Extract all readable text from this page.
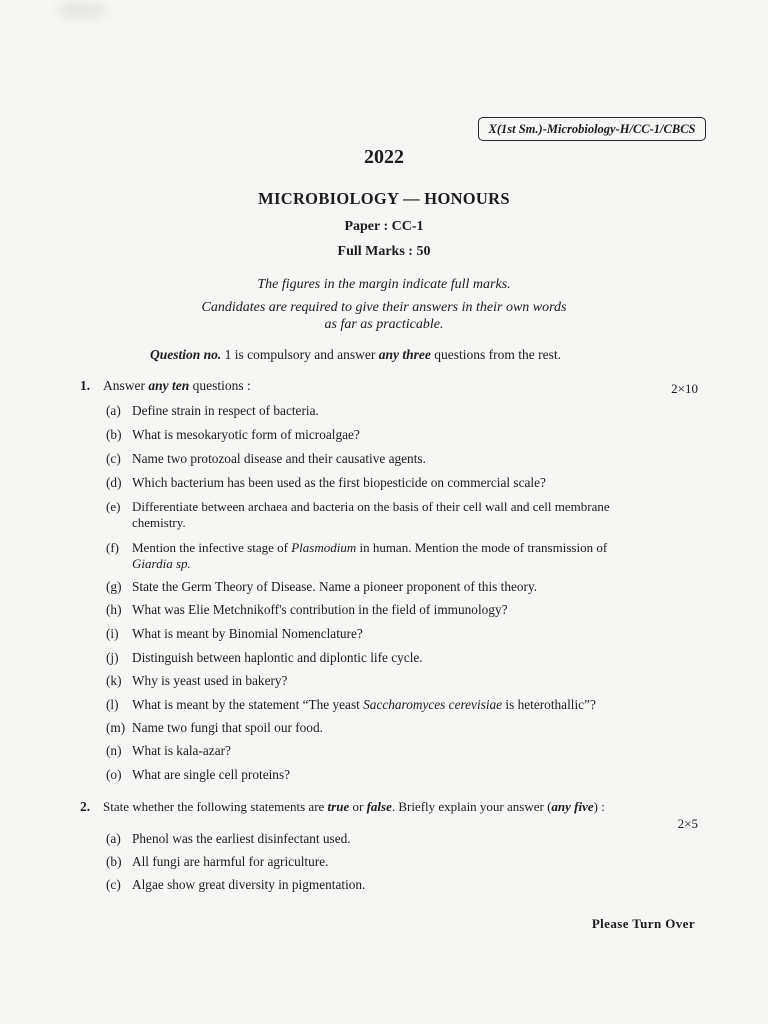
X(1st Sm.)-Microbiology-H/CC-1/CBCS
2022
MICROBIOLOGY — HONOURS
Paper : CC-1
Full Marks : 50
The figures in the margin indicate full marks.
Candidates are required to give their answers in their own words
as far as practicable.
Question no. 1 is compulsory and answer any three questions from the rest.
1. Answer any ten questions :	2×10
(a) Define strain in respect of bacteria.
(b) What is mesokaryotic form of microalgae?
(c) Name two protozoal disease and their causative agents.
(d) Which bacterium has been used as the first biopesticide on commercial scale?
(e) Differentiate between archaea and bacteria on the basis of their cell wall and cell membrane
chemistry.
(f) Mention the infective stage of Plasmodium in human. Mention the mode of transmission of
Giardia sp.
(g) State the Germ Theory of Disease. Name a pioneer proponent of this theory.
(h) What was Elie Metchnikoff's contribution in the field of immunology?
(i) What is meant by Binomial Nomenclature?
(j) Distinguish between haplontic and diplontic life cycle.
(k) Why is yeast used in bakery?
(l) What is meant by the statement “The yeast Saccharomyces cerevisiae is heterothallic”?
(m) Name two fungi that spoil our food.
(n) What is kala-azar?
(o) What are single cell proteins?
2. State whether the following statements are true or false. Briefly explain your answer (any five) :
2×5
(a) Phenol was the earliest disinfectant used.
(b) All fungi are harmful for agriculture.
(c) Algae show great diversity in pigmentation.
Please Turn Over
